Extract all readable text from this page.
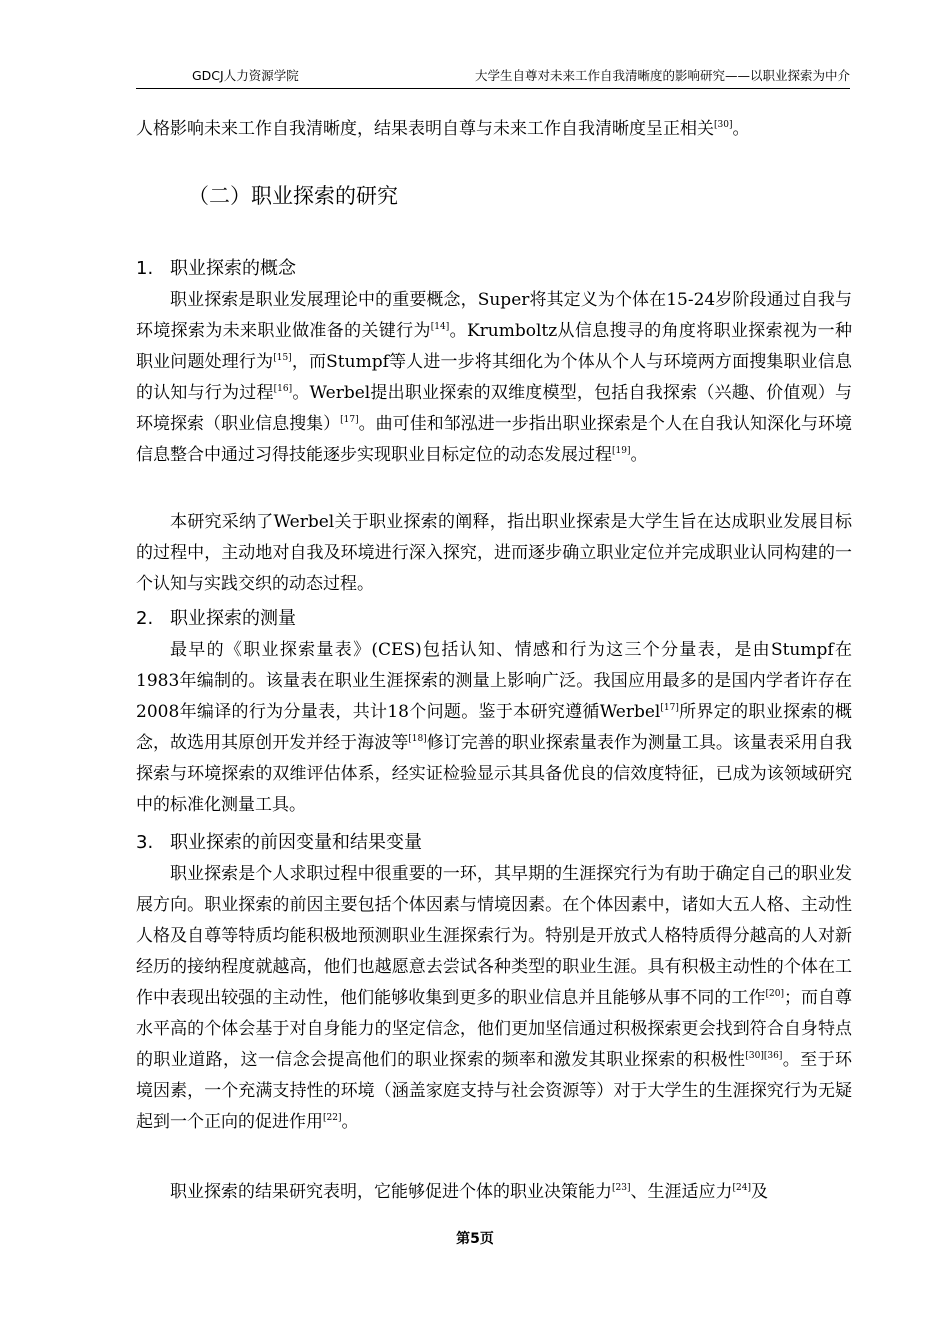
GDCJ人力资源学院	大学生自尊对未来工作自我清晰度的影响研究——以职业探索为中介

人格影响未来工作自我清晰度，结果表明自尊与未来工作自我清晰度呈正相关[30]。

（二）职业探索的研究
1. 职业探索的概念

职业探索是职业发展理论中的重要概念，Super将其定义为个体在15-24岁阶段通过自我与环境探索为未来职业做准备的关键行为[14]。Krumboltz从信息搜寻的角度将职业探索视为一种职业问题处理行为[15]，而Stumpf等人进一步将其细化为个体从个人与环境两方面搜集职业信息的认知与行为过程[16]。Werbel提出职业探索的双维度模型，包括自我探索（兴趣、价值观）与环境探索（职业信息搜集）[17]。曲可佳和邹泓进一步指出职业探索是个人在自我认知深化与环境信息整合中通过习得技能逐步实现职业目标定位的动态发展过程[19]。

本研究采纳了Werbel关于职业探索的阐释，指出职业探索是大学生旨在达成职业发展目标的过程中，主动地对自我及环境进行深入探究，进而逐步确立职业定位并完成职业认同构建的一个认知与实践交织的动态过程。

2. 职业探索的测量

最早的《职业探索量表》(CES)包括认知、情感和行为这三个分量表，是由Stumpf在1983年编制的。该量表在职业生涯探索的测量上影响广泛。我国应用最多的是国内学者许存在2008年编译的行为分量表，共计18个问题。鉴于本研究遵循Werbel[17]所界定的职业探索的概念，故选用其原创开发并经于海波等[18]修订完善的职业探索量表作为测量工具。该量表采用自我探索与环境探索的双维评估体系，经实证检验显示其具备优良的信效度特征，已成为该领域研究中的标准化测量工具。

3. 职业探索的前因变量和结果变量

职业探索是个人求职过程中很重要的一环，其早期的生涯探究行为有助于确定自己的职业发展方向。职业探索的前因主要包括个体因素与情境因素。在个体因素中，诸如大五人格、主动性人格及自尊等特质均能积极地预测职业生涯探索行为。特别是开放式人格特质得分越高的人对新经历的接纳程度就越高，他们也越愿意去尝试各种类型的职业生涯。具有积极主动性的个体在工作中表现出较强的主动性，他们能够收集到更多的职业信息并且能够从事不同的工作[20]；而自尊水平高的个体会基于对自身能力的坚定信念，他们更加坚信通过积极探索更会找到符合自身特点的职业道路，这一信念会提高他们的职业探索的频率和激发其职业探索的积极性[30][36]。至于环境因素，一个充满支持性的环境（涵盖家庭支持与社会资源等）对于大学生的生涯探究行为无疑起到一个正向的促进作用[22]。

职业探索的结果研究表明，它能够促进个体的职业决策能力[23]、生涯适应力[24]及

第5页
